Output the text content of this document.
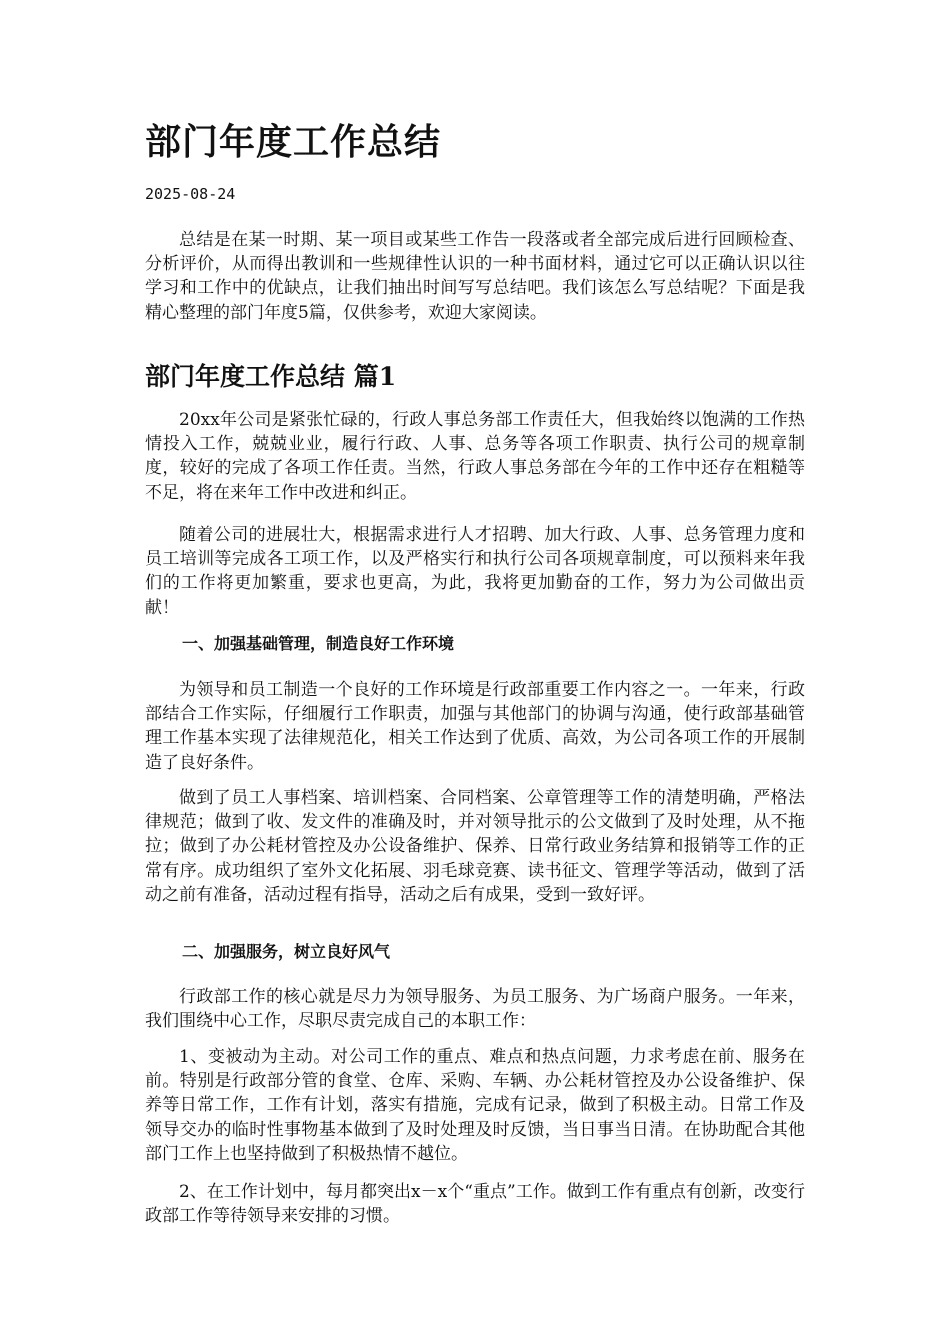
部门年度工作总结
2025-08-24

总结是在某一时期、某一项目或某些工作告一段落或者全部完成后进行回顾检查、分析评价，从而得出教训和一些规律性认识的一种书面材料，通过它可以正确认识以往学习和工作中的优缺点，让我们抽出时间写写总结吧。我们该怎么写总结呢？下面是我精心整理的部门年度5篇，仅供参考，欢迎大家阅读。

部门年度工作总结 篇1

20xx年公司是紧张忙碌的，行政人事总务部工作责任大，但我始终以饱满的工作热情投入工作，兢兢业业，履行行政、人事、总务等各项工作职责、执行公司的规章制度，较好的完成了各项工作任责。当然，行政人事总务部在今年的工作中还存在粗糙等不足，将在来年工作中改进和纠正。

随着公司的进展壮大，根据需求进行人才招聘、加大行政、人事、总务管理力度和员工培训等完成各工项工作，以及严格实行和执行公司各项规章制度，可以预料来年我们的工作将更加繁重，要求也更高，为此，我将更加勤奋的工作，努力为公司做出贡献！

一、加强基础管理，制造良好工作环境

为领导和员工制造一个良好的工作环境是行政部重要工作内容之一。一年来，行政部结合工作实际，仔细履行工作职责，加强与其他部门的协调与沟通，使行政部基础管理工作基本实现了法律规范化，相关工作达到了优质、高效，为公司各项工作的开展制造了良好条件。

做到了员工人事档案、培训档案、合同档案、公章管理等工作的清楚明确，严格法律规范；做到了收、发文件的准确及时，并对领导批示的公文做到了及时处理，从不拖拉；做到了办公耗材管控及办公设备维护、保养、日常行政业务结算和报销等工作的正常有序。成功组织了室外文化拓展、羽毛球竞赛、读书征文、管理学等活动，做到了活动之前有准备，活动过程有指导，活动之后有成果，受到一致好评。

二、加强服务，树立良好风气

行政部工作的核心就是尽力为领导服务、为员工服务、为广场商户服务。一年来，我们围绕中心工作，尽职尽责完成自己的本职工作：

1、变被动为主动。对公司工作的重点、难点和热点问题，力求考虑在前、服务在前。特别是行政部分管的食堂、仓库、采购、车辆、办公耗材管控及办公设备维护、保养等日常工作，工作有计划，落实有措施，完成有记录，做到了积极主动。日常工作及领导交办的临时性事物基本做到了及时处理及时反馈，当日事当日清。在协助配合其他部门工作上也坚持做到了积极热情不越位。

2、在工作计划中，每月都突出x－x个“重点”工作。做到工作有重点有创新，改变行政部工作等待领导来安排的习惯。
